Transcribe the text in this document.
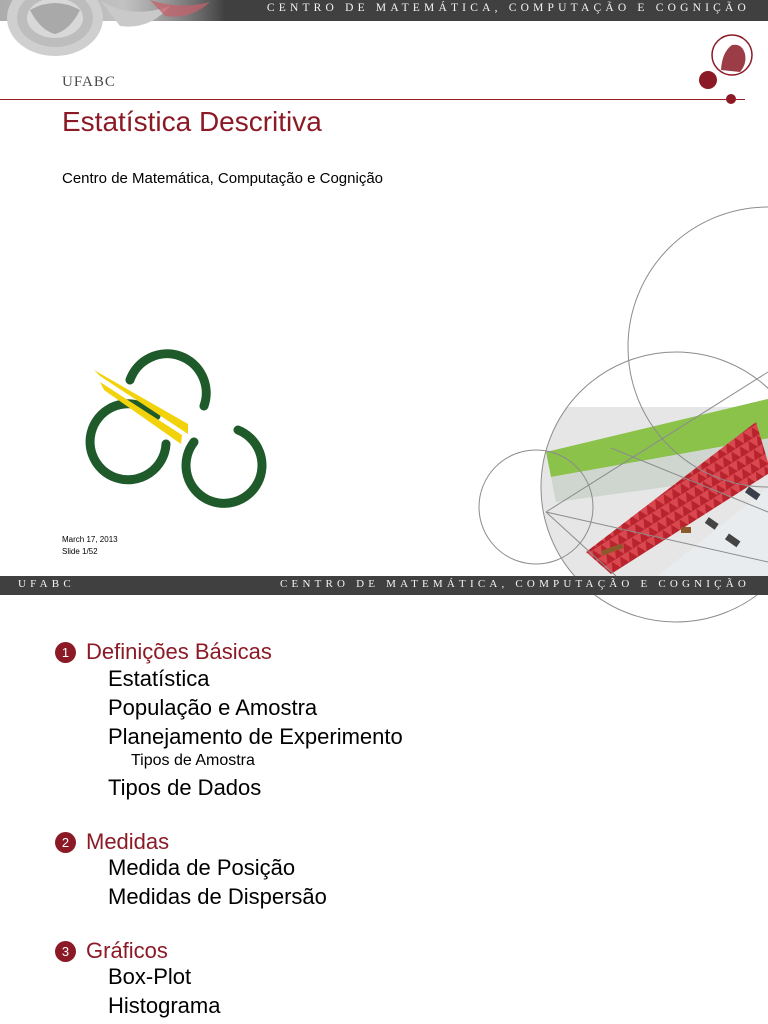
CENTRO DE MATEMÁTICA, COMPUTAÇÃO E COGNIÇÃO
UFABC
Estatística Descritiva
Centro de Matemática, Computação e Cognição
March 17, 2013
Slide 1/52
UFABC	CENTRO DE MATEMÁTICA, COMPUTAÇÃO E COGNIÇÃO
1 Definições Básicas
Estatística
População e Amostra
Planejamento de Experimento
Tipos de Amostra
Tipos de Dados
2 Medidas
Medida de Posição
Medidas de Dispersão
3 Gráficos
Box-Plot
Histograma
